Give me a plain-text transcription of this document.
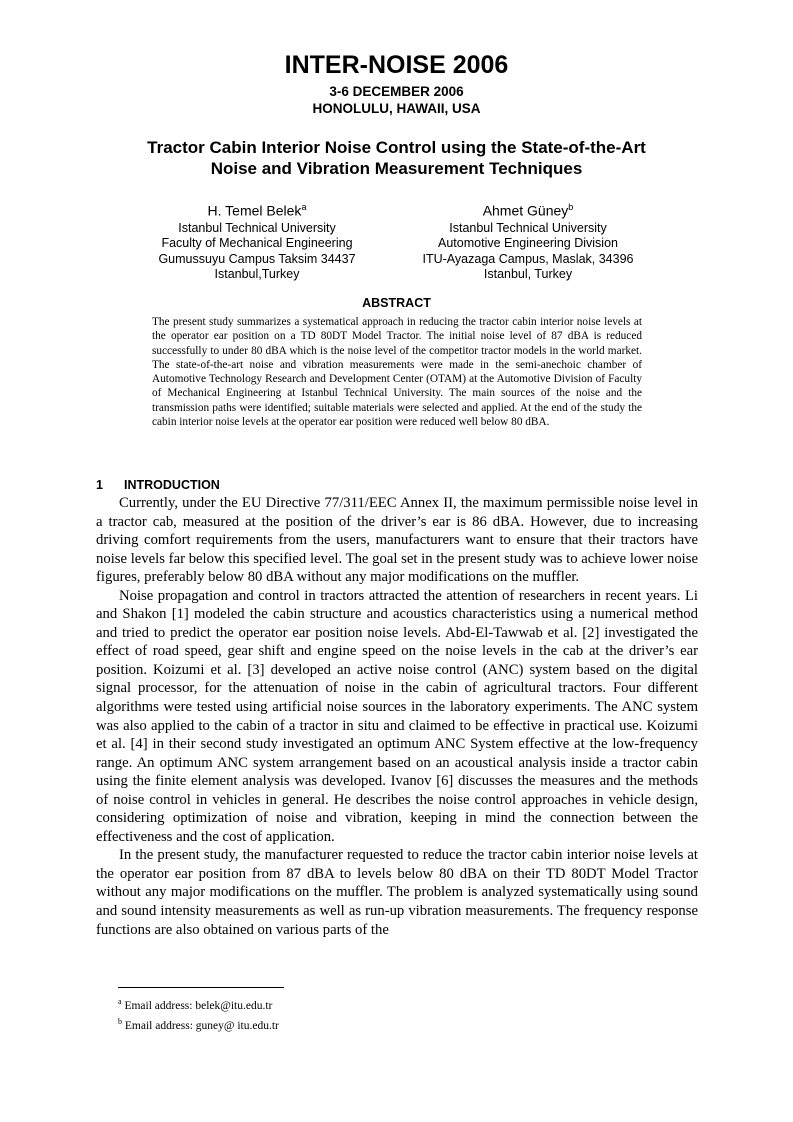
INTER-NOISE 2006
3-6 DECEMBER 2006
HONOLULU, HAWAII, USA
Tractor Cabin Interior Noise Control using the State-of-the-Art
Noise and Vibration Measurement Techniques
H. Temel Belek$^a$
Istanbul Technical University
Faculty of Mechanical Engineering
Gumussuyu Campus Taksim 34437
Istanbul,Turkey
Ahmet Güney$^b$
Istanbul Technical University
Automotive Engineering Division
ITU-Ayazaga Campus, Maslak, 34396
Istanbul, Turkey
ABSTRACT
The present study summarizes a systematical approach in reducing the tractor cabin interior noise levels at the operator ear position on a TD 80DT Model Tractor. The initial noise level of 87 dBA is reduced successfully to under 80 dBA which is the noise level of the competitor tractor models in the world market. The state-of-the-art noise and vibration measurements were made in the semi-anechoic chamber of Automotive Technology Research and Development Center (OTAM) at the Automotive Division of Faculty of Mechanical Engineering at Istanbul Technical University. The main sources of the noise and the transmission paths were identified; suitable materials were selected and applied. At the end of the study the cabin interior noise levels at the operator ear position were reduced well below 80 dBA.
1 INTRODUCTION

Currently, under the EU Directive 77/311/EEC Annex II, the maximum permissible noise level in a tractor cab, measured at the position of the driver’s ear is 86 dBA. However, due to increasing driving comfort requirements from the users, manufacturers want to ensure that their tractors have noise levels far below this specified level. The goal set in the present study was to achieve lower noise figures, preferably below 80 dBA without any major modifications on the muffler.

Noise propagation and control in tractors attracted the attention of researchers in recent years. Li and Shakon [1] modeled the cabin structure and acoustics characteristics using a numerical method and tried to predict the operator ear position noise levels. Abd-El-Tawwab et al. [2] investigated the effect of road speed, gear shift and engine speed on the noise levels in the cab at the driver’s ear position. Koizumi et al. [3] developed an active noise control (ANC) system based on the digital signal processor, for the attenuation of noise in the cabin of agricultural tractors. Four different algorithms were tested using artificial noise sources in the laboratory experiments. The ANC system was also applied to the cabin of a tractor in situ and claimed to be effective in practical use. Koizumi et al. [4] in their second study investigated an optimum ANC System effective at the low-frequency range. An optimum ANC system arrangement based on an acoustical analysis inside a tractor cabin using the finite element analysis was developed. Ivanov [6] discusses the measures and the methods of noise control in vehicles in general. He describes the noise control approaches in vehicle design, considering optimization of noise and vibration, keeping in mind the connection between the effectiveness and the cost of application.

In the present study, the manufacturer requested to reduce the tractor cabin interior noise levels at the operator ear position from 87 dBA to levels below 80 dBA on their TD 80DT Model Tractor without any major modifications on the muffler. The problem is analyzed systematically using sound and sound intensity measurements as well as run-up vibration measurements. The frequency response functions are also obtained on various parts of the

$^a$ Email address: belek@itu.edu.tr
$^b$ Email address: guney@ itu.edu.tr
